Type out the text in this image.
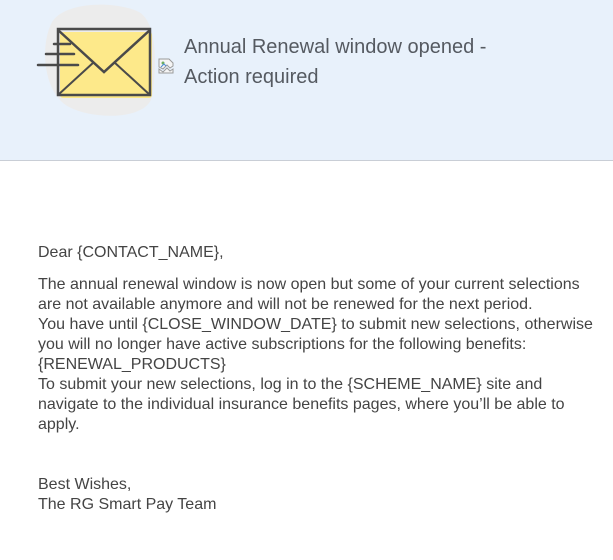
Annual Renewal window opened -
Action required

Dear {CONTACT_NAME},

The annual renewal window is now open but some of your current selections are not available anymore and will not be renewed for the next period.

You have until {CLOSE_WINDOW_DATE} to submit new selections, otherwise you will no longer have active subscriptions for the following benefits:

{RENEWAL_PRODUCTS}

To submit your new selections, log in to the {SCHEME_NAME} site and navigate to the individual insurance benefits pages, where you’ll be able to apply.

Best Wishes,

The RG Smart Pay Team
